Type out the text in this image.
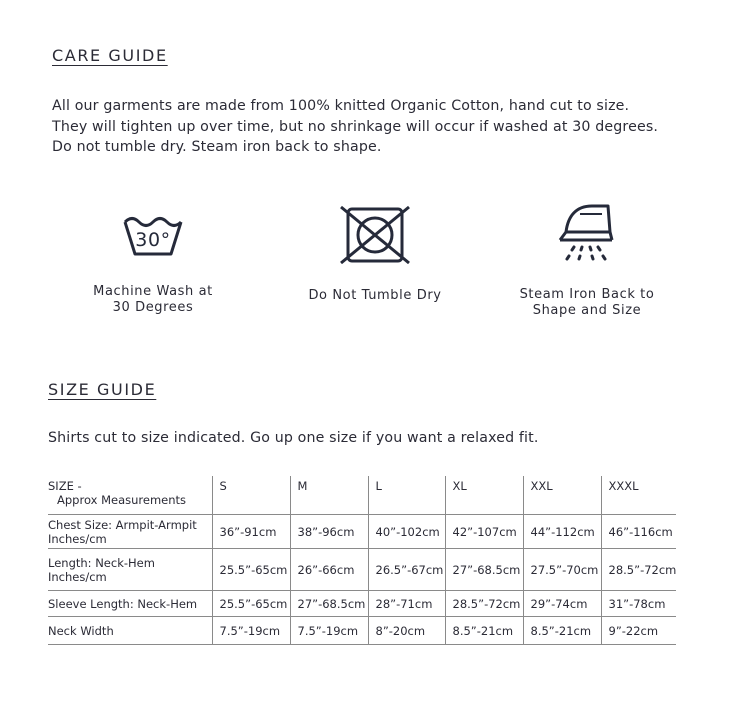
CARE GUIDE

All our garments are made from 100% knitted Organic Cotton, hand cut to size.
They will tighten up over time, but no shrinkage will occur if washed at 30 degrees.
Do not tumble dry. Steam iron back to shape.

30°
Machine Wash at
30 Degrees
Do Not Tumble Dry	Steam Iron Back to
Shape and Size
SIZE GUIDE

Shirts cut to size indicated. Go up one size if you want a relaxed fit.

SIZE -
Approx Measurements	S	M	L	XL	XXL	XXXL

Chest Size: Armpit-Armpit
Inches/cm	36”-91cm	38”-96cm	40”-102cm	42”-107cm	44”-112cm	46”-116cm

Length: Neck-Hem
Inches/cm	25.5”-65cm	26”-66cm	26.5”-67cm	27”-68.5cm	27.5”-70cm	28.5”-72cm

Sleeve Length: Neck-Hem	25.5”-65cm	27”-68.5cm	28”-71cm	28.5”-72cm	29”-74cm	31”-78cm

Neck Width	7.5”-19cm	7.5”-19cm	8”-20cm	8.5”-21cm	8.5”-21cm	9”-22cm
